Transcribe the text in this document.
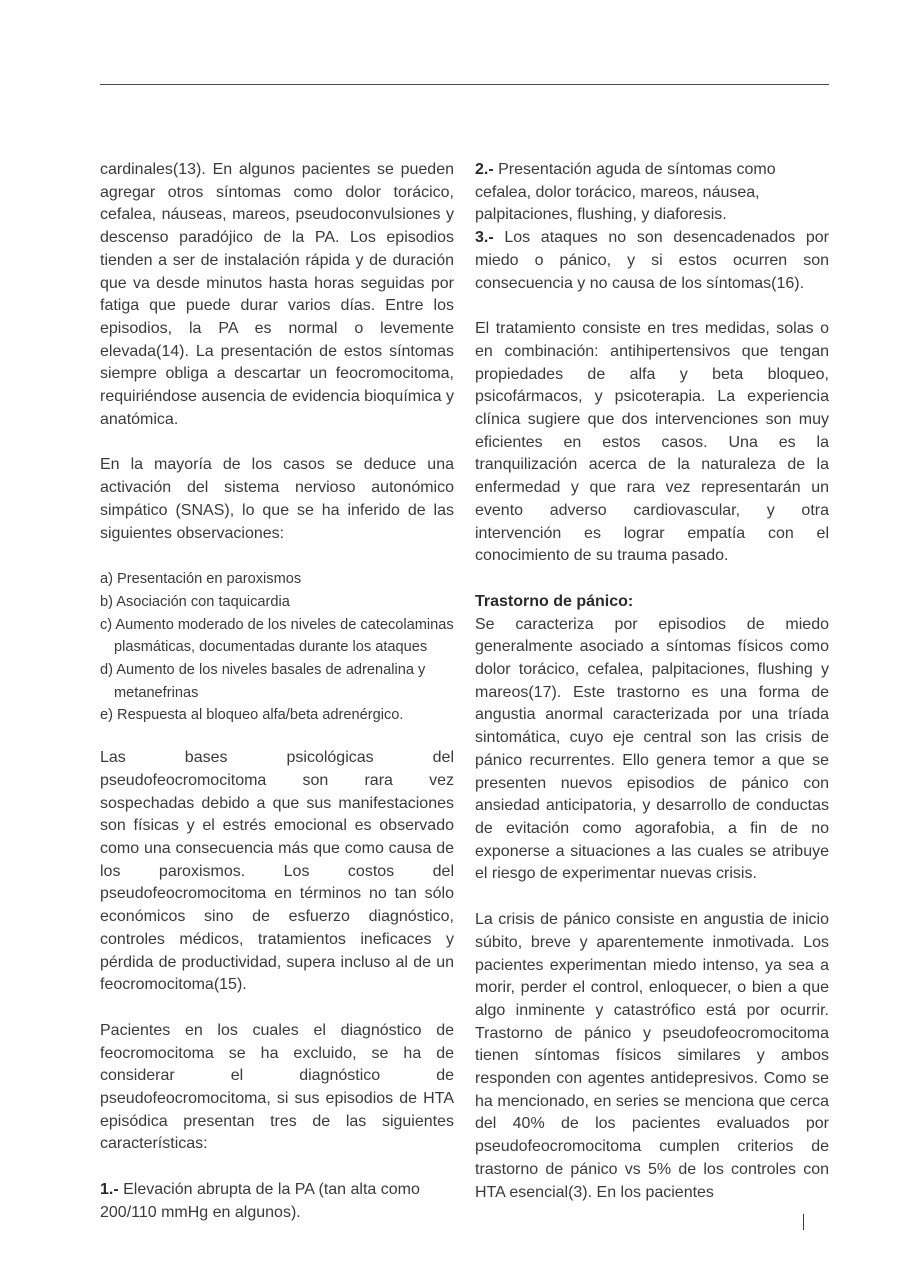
cardinales(13). En algunos pacientes se pueden agregar otros síntomas como dolor torácico, cefalea, náuseas, mareos, pseudoconvulsiones y descenso paradójico de la PA. Los episodios tienden a ser de instalación rápida y de duración que va desde minutos hasta horas seguidas por fatiga que puede durar varios días. Entre los episodios, la PA es normal o levemente elevada(14). La presentación de estos síntomas siempre obliga a descartar un feocromocitoma, requiriéndose ausencia de evidencia bioquímica y anatómica.

En la mayoría de los casos se deduce una activación del sistema nervioso autonómico simpático (SNAS), lo que se ha inferido de las siguientes observaciones:

a) Presentación en paroxismos

b) Asociación con taquicardia

c) Aumento moderado de los niveles de catecolaminas

plasmáticas, documentadas durante los ataques

d) Aumento de los niveles basales de adrenalina y

metanefrinas

e) Respuesta al bloqueo alfa/beta adrenérgico.

Las bases psicológicas del pseudofeocromocitoma son rara vez sospechadas debido a que sus manifestaciones son físicas y el estrés emocional es observado como una consecuencia más que como causa de los paroxismos. Los costos del pseudofeocromocitoma en términos no tan sólo económicos sino de esfuerzo diagnóstico, controles médicos, tratamientos ineficaces y pérdida de productividad, supera incluso al de un feocromocitoma(15).

Pacientes en los cuales el diagnóstico de feocromocitoma se ha excluido, se ha de considerar el diagnóstico de pseudofeocromocitoma, si sus episodios de HTA episódica presentan tres de las siguientes características:

1.- Elevación abrupta de la PA (tan alta como 200/110 mmHg en algunos).

2.- Presentación aguda de síntomas como cefalea, dolor torácico, mareos, náusea, palpitaciones, flushing, y diaforesis.

3.- Los ataques no son desencadenados por miedo o pánico, y si estos ocurren son consecuencia y no causa de los síntomas(16).

El tratamiento consiste en tres medidas, solas o en combinación: antihipertensivos que tengan propiedades de alfa y beta bloqueo, psicofármacos, y psicoterapia. La experiencia clínica sugiere que dos intervenciones son muy eficientes en estos casos. Una es la tranquilización acerca de la naturaleza de la enfermedad y que rara vez representarán un evento adverso cardiovascular, y otra intervención es lograr empatía con el conocimiento de su trauma pasado.

Trastorno de pánico:

Se caracteriza por episodios de miedo generalmente asociado a síntomas físicos como dolor torácico, cefalea, palpitaciones, flushing y mareos(17). Este trastorno es una forma de angustia anormal caracterizada por una tríada sintomática, cuyo eje central son las crisis de pánico recurrentes. Ello genera temor a que se presenten nuevos episodios de pánico con ansiedad anticipatoria, y desarrollo de conductas de evitación como agorafobia, a fin de no exponerse a situaciones a las cuales se atribuye el riesgo de experimentar nuevas crisis.

La crisis de pánico consiste en angustia de inicio súbito, breve y aparentemente inmotivada. Los pacientes experimentan miedo intenso, ya sea a morir, perder el control, enloquecer, o bien a que algo inminente y catastrófico está por ocurrir. Trastorno de pánico y pseudofeocromocitoma tienen síntomas físicos similares y ambos responden con agentes antidepresivos. Como se ha mencionado, en series se menciona que cerca del 40% de los pacientes evaluados por pseudofeocromocitoma cumplen criterios de trastorno de pánico vs 5% de los controles con HTA esencial(3). En los pacientes
